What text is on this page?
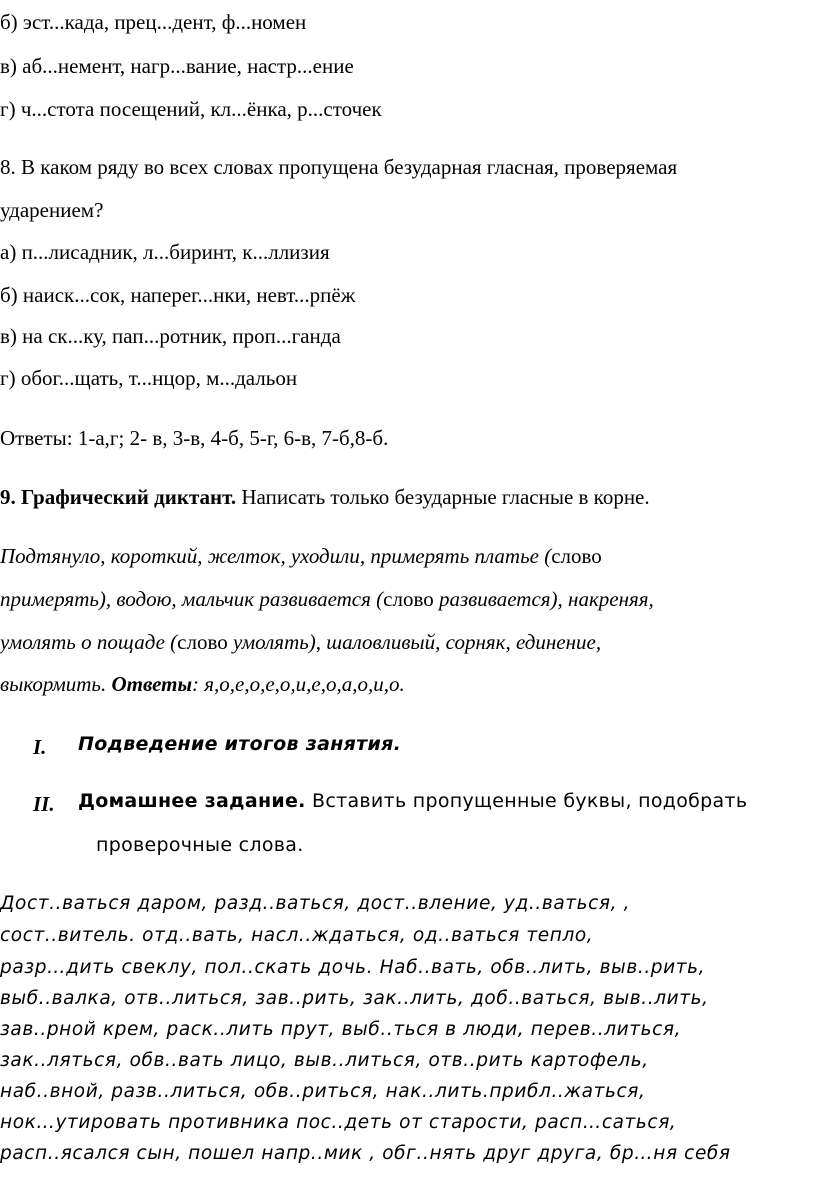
б) эст...када, прец...дент, ф...номен
в) аб...немент, нагр...вание, настр...ение
г) ч...стота посещений, кл...ёнка, р...сточек
8. В каком ряду во всех словах пропущена безударная гласная, проверяемая
ударением?
а) п...лисадник, л...биринт, к...ллизия
б) наиск...сок, наперег...нки, невт...рпёж
в) на ск...ку, пап...ротник, проп...ганда
г) обог...щать, т...нцор, м...дальон
Ответы: 1-а,г; 2- в, 3-в, 4-б, 5-г, 6-в, 7-б,8-б.
9. Графический диктант. Написать только безударные гласные в корне.
Подтянуло, короткий, желток, уходили, примерять платье (слово
примерять), водою, мальчик развивается (слово развивается), накреняя,
умолять о пощаде (слово умолять), шаловливый, сорняк, единение,
выкормить. Ответы: я,о,е,о,е,о,и,е,о,а,о,и,о.
I. Подведение итогов занятия.
II. Домашнее задание. Вставить пропущенные буквы, подобрать
проверочные слова.
Дост..ваться даром, разд..ваться, дост..вление, уд..ваться, ,
сост..витель. отд..вать, насл..ждаться, од..ваться тепло,
разр…дить свеклу, пол..скать дочь. Наб..вать, обв..лить, выв..рить,
выб..валка, отв..литься, зав..рить, зак..лить, доб..ваться, выв..лить,
зав..рной крем, раск..лить прут, выб..ться в люди, перев..литься,
зак..ляться, обв..вать лицо, выв..литься, отв..рить картофель,
наб..вной, разв..литься, обв..риться, нак..лить.прибл..жаться,
нок…утировать противника пос..деть от старости, расп…саться,
расп..ясался сын, пошел напр..мик , обг..нять друг друга, бр…ня себя
